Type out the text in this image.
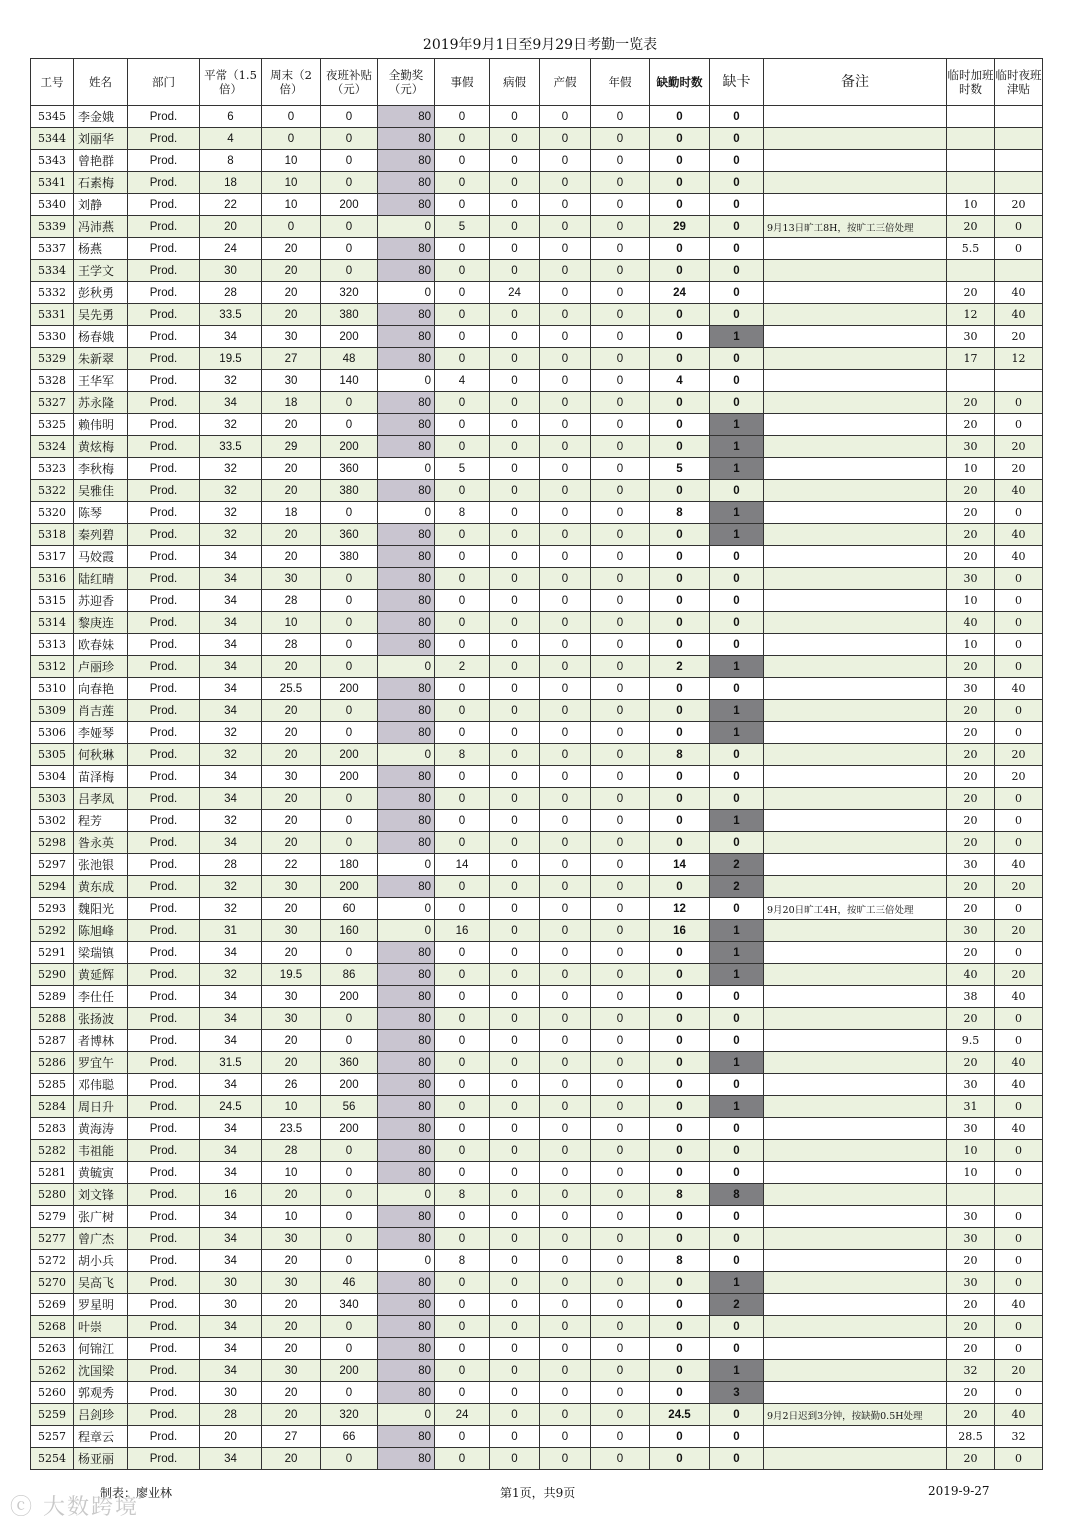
2019年9月1日至9月29日考勤一览表
工号	姓名	部门	平常（1.5倍）	周末（2倍）	夜班补贴（元）	全勤奖（元）	事假	病假	产假	年假	缺勤时数	缺卡	备注	临时加班时数	临时夜班津贴
5345	李金娥	Prod.	6	0	0	80	0	0	0	0	0	0			
5344	刘丽华	Prod.	4	0	0	80	0	0	0	0	0	0			
5343	曾艳群	Prod.	8	10	0	80	0	0	0	0	0	0			
5341	石素梅	Prod.	18	10	0	80	0	0	0	0	0	0			
5340	刘静	Prod.	22	10	200	80	0	0	0	0	0	0		10	20
5339	冯沛燕	Prod.	20	0	0	0	5	0	0	0	29	0	9月13日旷工8H，按旷工三倍处理	20	0
5337	杨燕	Prod.	24	20	0	80	0	0	0	0	0	0		5.5	0
5334	王学文	Prod.	30	20	0	80	0	0	0	0	0	0			
5332	彭秋勇	Prod.	28	20	320	0	0	24	0	0	24	0		20	40
5331	吴先勇	Prod.	33.5	20	380	80	0	0	0	0	0	0		12	40
5330	杨春娥	Prod.	34	30	200	80	0	0	0	0	0	1		30	20
5329	朱新翠	Prod.	19.5	27	48	80	0	0	0	0	0	0		17	12
5328	王华军	Prod.	32	30	140	0	4	0	0	0	4	0			
5327	苏永隆	Prod.	34	18	0	80	0	0	0	0	0	0		20	0
5325	赖伟明	Prod.	32	20	0	80	0	0	0	0	0	1		20	0
5324	黄炫梅	Prod.	33.5	29	200	80	0	0	0	0	0	1		30	20
5323	李秋梅	Prod.	32	20	360	0	5	0	0	0	5	1		10	20
5322	吴雅佳	Prod.	32	20	380	80	0	0	0	0	0	0		20	40
5320	陈琴	Prod.	32	18	0	0	8	0	0	0	8	1		20	0
5318	秦列碧	Prod.	32	20	360	80	0	0	0	0	0	1		20	40
5317	马姣霞	Prod.	34	20	380	80	0	0	0	0	0	0		20	40
5316	陆红晴	Prod.	34	30	0	80	0	0	0	0	0	0		30	0
5315	苏迎香	Prod.	34	28	0	80	0	0	0	0	0	0		10	0
5314	黎庚连	Prod.	34	10	0	80	0	0	0	0	0	0		40	0
5313	欧春妹	Prod.	34	28	0	80	0	0	0	0	0	0		10	0
5312	卢丽珍	Prod.	34	20	0	0	2	0	0	0	2	1		20	0
5310	向春艳	Prod.	34	25.5	200	80	0	0	0	0	0	0		30	40
5309	肖吉莲	Prod.	34	20	0	80	0	0	0	0	0	1		20	0
5306	李娅琴	Prod.	32	20	0	80	0	0	0	0	0	1		20	0
5305	何秋琳	Prod.	32	20	200	0	8	0	0	0	8	0		20	20
5304	苗泽梅	Prod.	34	30	200	80	0	0	0	0	0	0		20	20
5303	吕孝凤	Prod.	34	20	0	80	0	0	0	0	0	0		20	0
5302	程芳	Prod.	32	20	0	80	0	0	0	0	0	1		20	0
5298	昝永英	Prod.	34	20	0	80	0	0	0	0	0	0		20	0
5297	张池银	Prod.	28	22	180	0	14	0	0	0	14	2		30	40
5294	黄东成	Prod.	32	30	200	80	0	0	0	0	0	2		20	20
5293	魏阳光	Prod.	32	20	60	0	0	0	0	0	12	0	9月20日旷工4H，按旷工三倍处理	20	0
5292	陈旭峰	Prod.	31	30	160	0	16	0	0	0	16	1		30	20
5291	梁瑞镇	Prod.	34	20	0	80	0	0	0	0	0	1		20	0
5290	黄延辉	Prod.	32	19.5	86	80	0	0	0	0	0	1		40	20
5289	李仕任	Prod.	34	30	200	80	0	0	0	0	0	0		38	40
5288	张扬波	Prod.	34	30	0	80	0	0	0	0	0	0		20	0
5287	者博林	Prod.	34	20	0	80	0	0	0	0	0	0		9.5	0
5286	罗宜午	Prod.	31.5	20	360	80	0	0	0	0	0	1		20	40
5285	邓伟聪	Prod.	34	26	200	80	0	0	0	0	0	0		30	40
5284	周日升	Prod.	24.5	10	56	80	0	0	0	0	0	1		31	0
5283	黄海涛	Prod.	34	23.5	200	80	0	0	0	0	0	0		30	40
5282	韦祖能	Prod.	34	28	0	80	0	0	0	0	0	0		10	0
5281	黄毓寅	Prod.	34	10	0	80	0	0	0	0	0	0		10	0
5280	刘文锋	Prod.	16	20	0	0	8	0	0	0	8	8			
5279	张广树	Prod.	34	10	0	80	0	0	0	0	0	0		30	0
5277	曾广杰	Prod.	34	30	0	80	0	0	0	0	0	0		30	0
5272	胡小兵	Prod.	34	20	0	0	8	0	0	0	8	0		20	0
5270	吴高飞	Prod.	30	30	46	80	0	0	0	0	0	1		30	0
5269	罗星明	Prod.	30	20	340	80	0	0	0	0	0	2		20	40
5268	叶崇	Prod.	34	20	0	80	0	0	0	0	0	0		20	0
5263	何锦江	Prod.	34	20	0	80	0	0	0	0	0	0		20	0
5262	沈国梁	Prod.	34	30	200	80	0	0	0	0	0	1		32	20
5260	郭观秀	Prod.	30	20	0	80	0	0	0	0	0	3		20	0
5259	吕剑珍	Prod.	28	20	320	0	24	0	0	0	24.5	0	9月2日迟到3分钟，按缺勤0.5H处理	20	40
5257	程章云	Prod.	20	27	66	80	0	0	0	0	0	0		28.5	32
5254	杨亚丽	Prod.	34	20	0	80	0	0	0	0	0	0		20	0
制表：廖业林	第1页，共9页	2019-9-27
ⓒ 大数跨境
